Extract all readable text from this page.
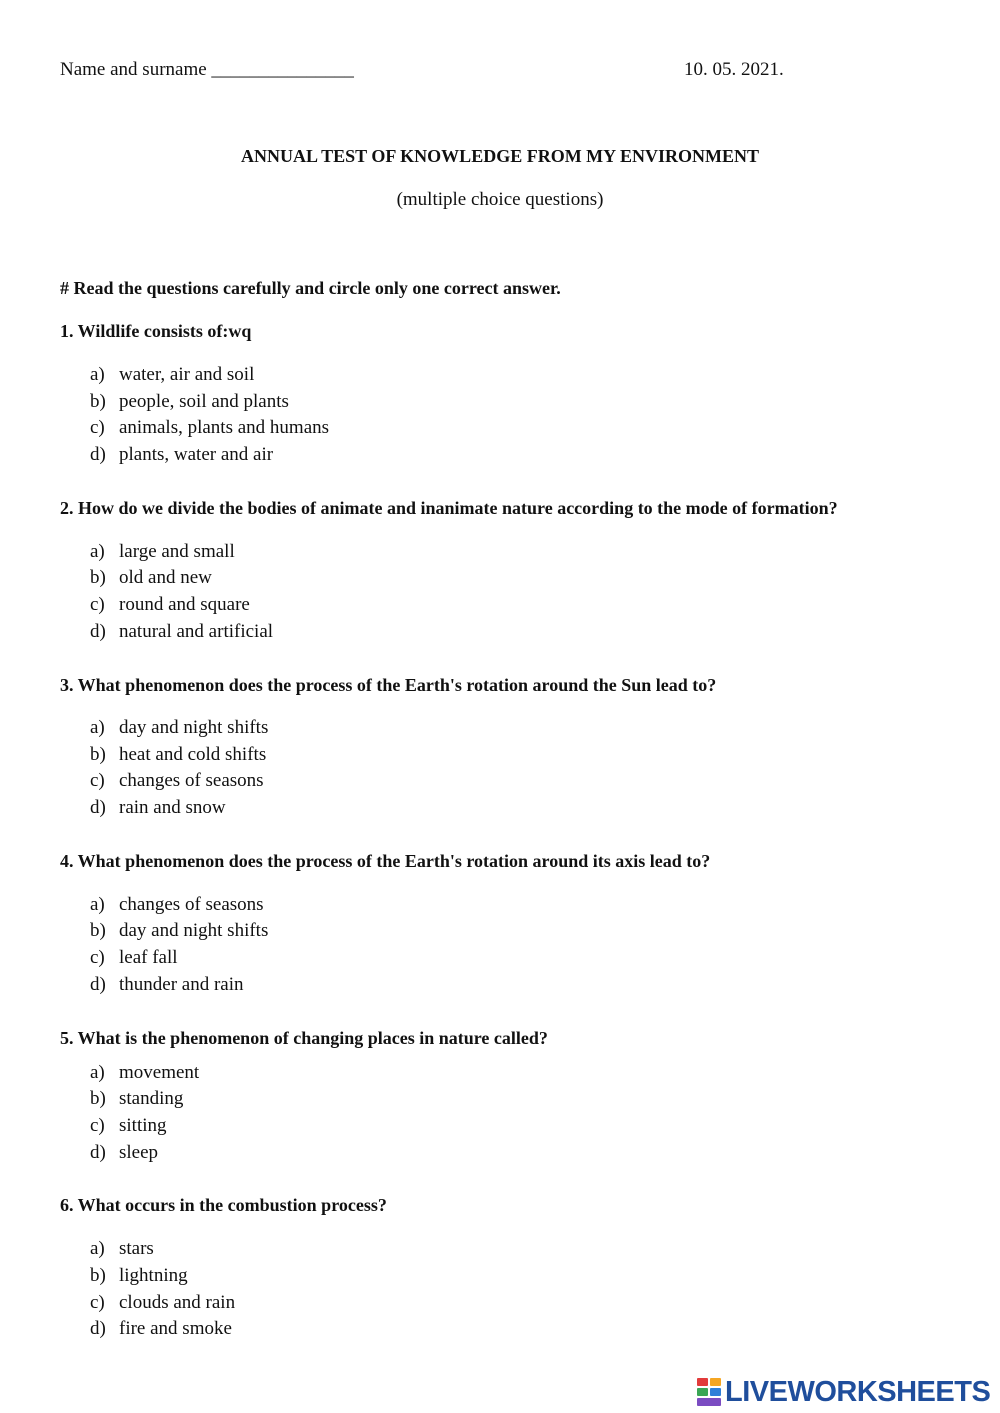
Name and surname _______________	10. 05. 2021.
ANNUAL TEST OF KNOWLEDGE FROM MY ENVIRONMENT
(multiple choice questions)
# Read the questions carefully and circle only one correct answer.
1. Wildlife consists of:wq
a) water, air and soil
b) people, soil and plants
c) animals, plants and humans
d) plants, water and air
2. How do we divide the bodies of animate and inanimate nature according to the mode of formation?
a) large and small
b) old and new
c) round and square
d) natural and artificial
3. What phenomenon does the process of the Earth's rotation around the Sun lead to?
a) day and night shifts
b) heat and cold shifts
c) changes of seasons
d) rain and snow
4. What phenomenon does the process of the Earth's rotation around its axis lead to?
a) changes of seasons
b) day and night shifts
c) leaf fall
d) thunder and rain
5. What is the phenomenon of changing places in nature called?
a) movement
b) standing
c) sitting
d) sleep
6. What occurs in the combustion process?
a) stars
b) lightning
c) clouds and rain
d) fire and smoke
LIVEWORKSHEETS
